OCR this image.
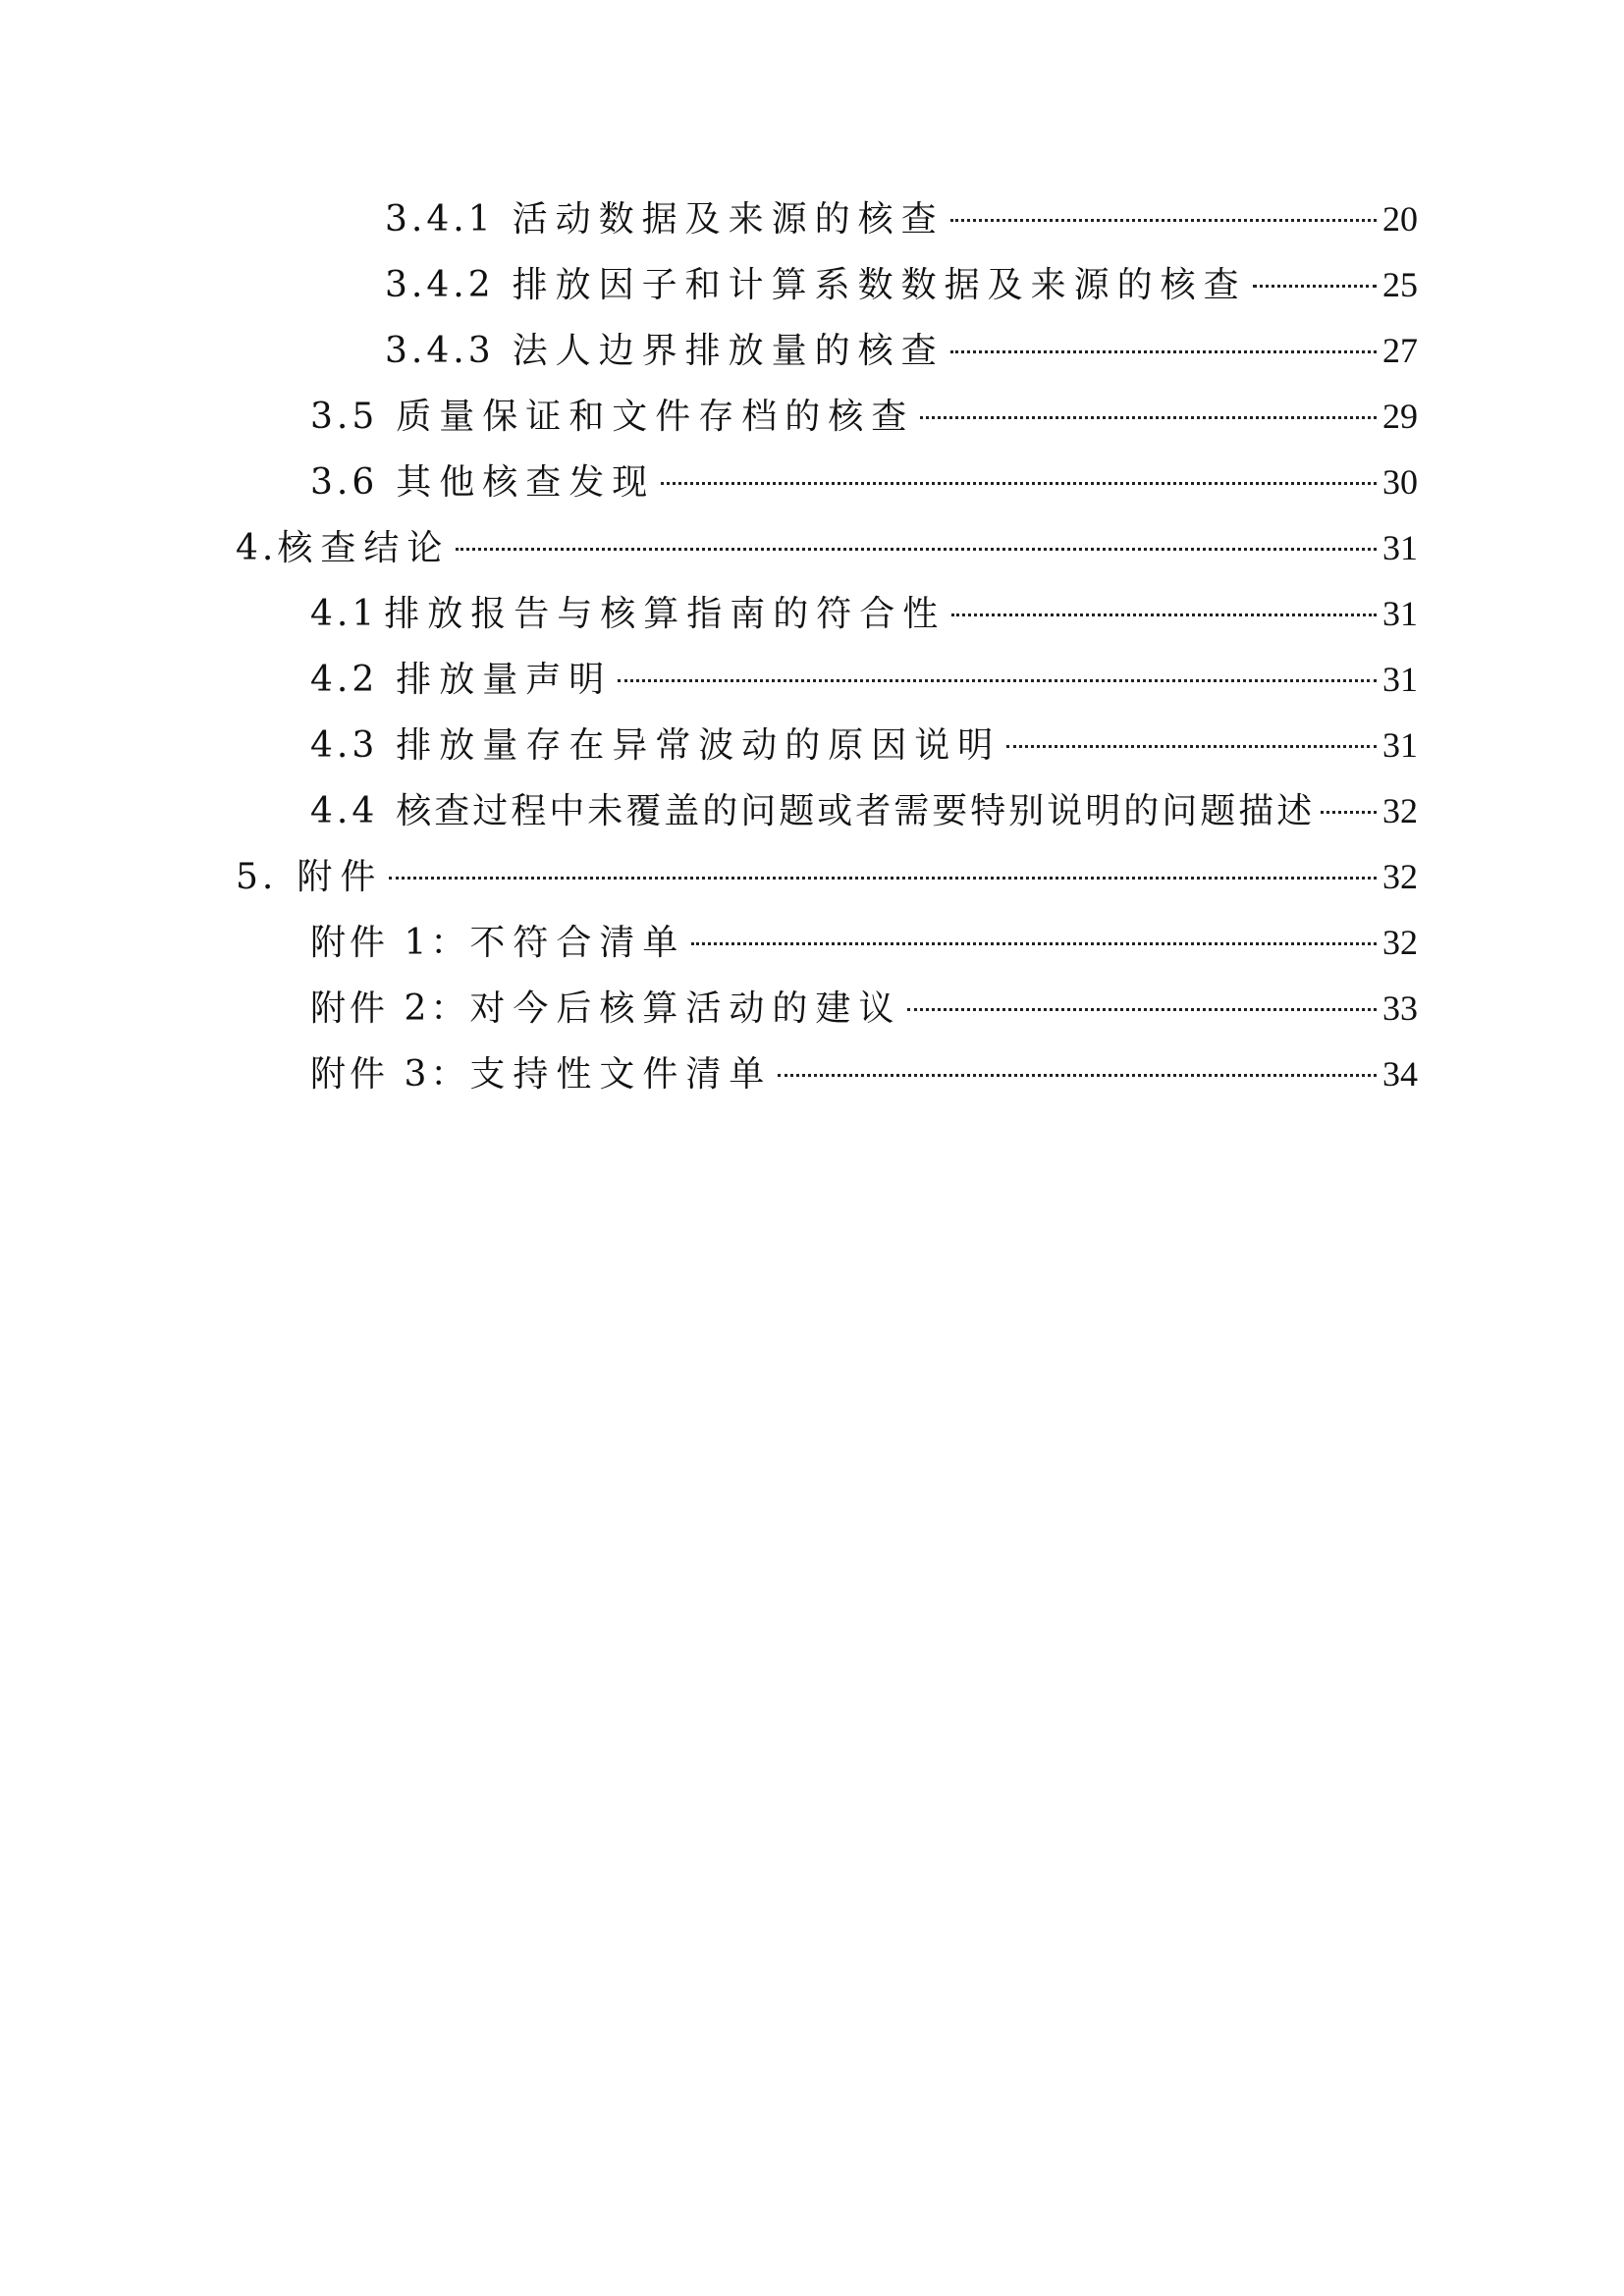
3.4.1 活动数据及来源的核查	20
3.4.2 排放因子和计算系数数据及来源的核查	25
3.4.3 法人边界排放量的核查	27
3.5 质量保证和文件存档的核查	29
3.6 其他核查发现	30
4. 核查结论	31
4.1 排放报告与核算指南的符合性	31
4.2 排放量声明	31
4.3 排放量存在异常波动的原因说明	31
4.4 核查过程中未覆盖的问题或者需要特别说明的问题描述 32
5. 附件	32
附件 1： 不符合清单	32
附件 2： 对今后核算活动的建议	33
附件 3： 支持性文件清单	34
